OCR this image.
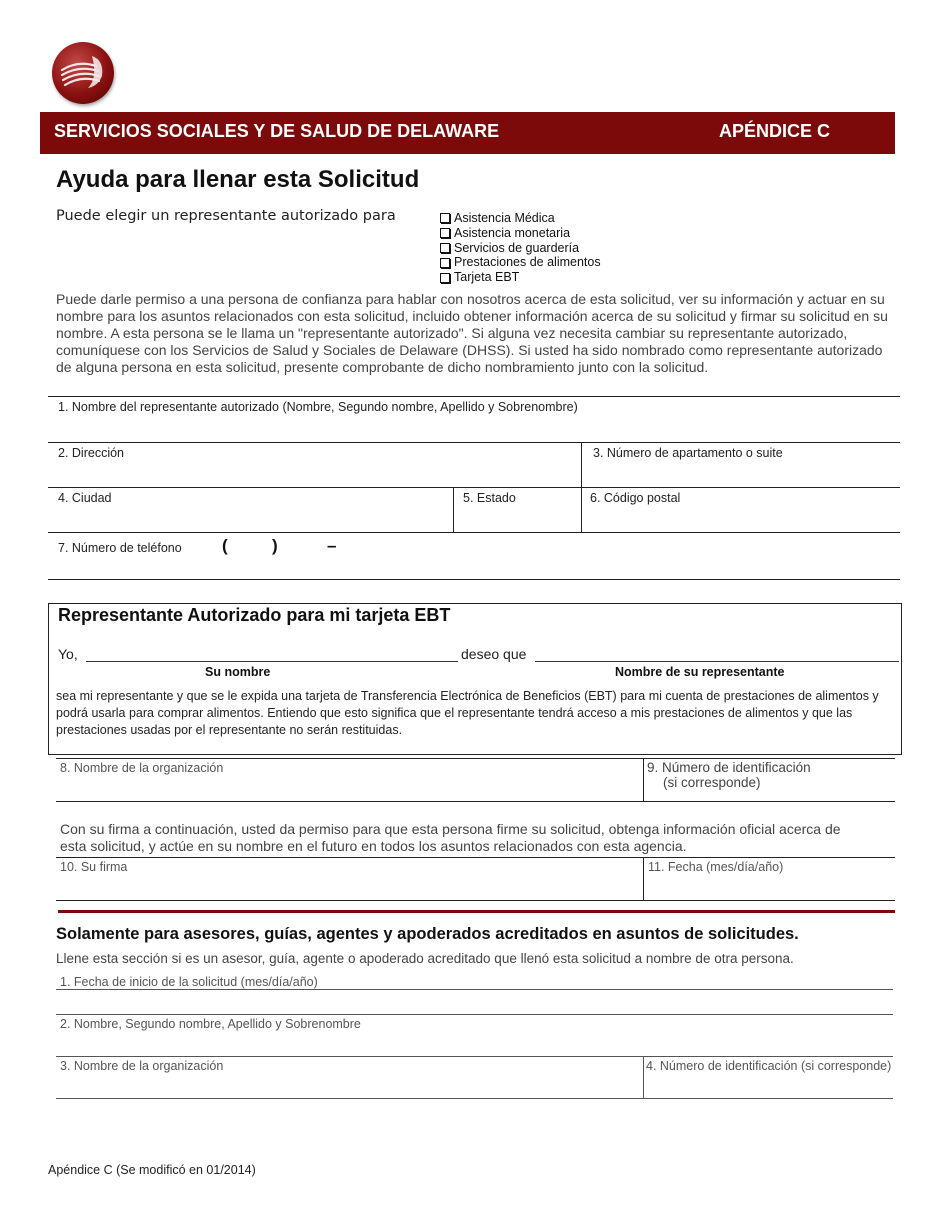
SERVICIOS SOCIALES Y DE SALUD DE DELAWARE	APÉNDICE C
Ayuda para llenar esta Solicitud
Puede elegir un representante autorizado para	Asistencia Médica
Asistencia monetaria
Servicios de guardería
Prestaciones de alimentos
Tarjeta EBT
Puede darle permiso a una persona de confianza para hablar con nosotros acerca de esta solicitud, ver su información y actuar en su nombre para los asuntos relacionados con esta solicitud, incluido obtener información acerca de su solicitud y firmar su solicitud en su nombre. A esta persona se le llama un "representante autorizado". Si alguna vez necesita cambiar su representante autorizado, comuníquese con los Servicios de Salud y Sociales de Delaware (DHSS). Si usted ha sido nombrado como representante autorizado de alguna persona en esta solicitud, presente comprobante de dicho nombramiento junto con la solicitud.
1. Nombre del representante autorizado (Nombre, Segundo nombre, Apellido y Sobrenombre)
2. Dirección	3. Número de apartamento o suite
4. Ciudad	5. Estado	6. Código postal
7. Número de teléfono (	)	–
Representante Autorizado para mi tarjeta EBT
Yo,	deseo que
Su nombre	Nombre de su representante
sea mi representante y que se le expida una tarjeta de Transferencia Electrónica de Beneficios (EBT) para mi cuenta de prestaciones de alimentos y podrá usarla para comprar alimentos. Entiendo que esto significa que el representante tendrá acceso a mis prestaciones de alimentos y que las prestaciones usadas por el representante no serán restituidas.
8. Nombre de la organización	9. Número de identificación
(si corresponde)
Con su firma a continuación, usted da permiso para que esta persona firme su solicitud, obtenga información oficial acerca de esta solicitud, y actúe en su nombre en el futuro en todos los asuntos relacionados con esta agencia.
10. Su firma	11. Fecha (mes/día/año)
Solamente para asesores, guías, agentes y apoderados acreditados en asuntos de solicitudes.
Llene esta sección si es un asesor, guía, agente o apoderado acreditado que llenó esta solicitud a nombre de otra persona.
1. Fecha de inicio de la solicitud (mes/día/año)
2. Nombre, Segundo nombre, Apellido y Sobrenombre
3. Nombre de la organización	4. Número de identificación (si corresponde)
Apéndice C (Se modificó en 01/2014)
